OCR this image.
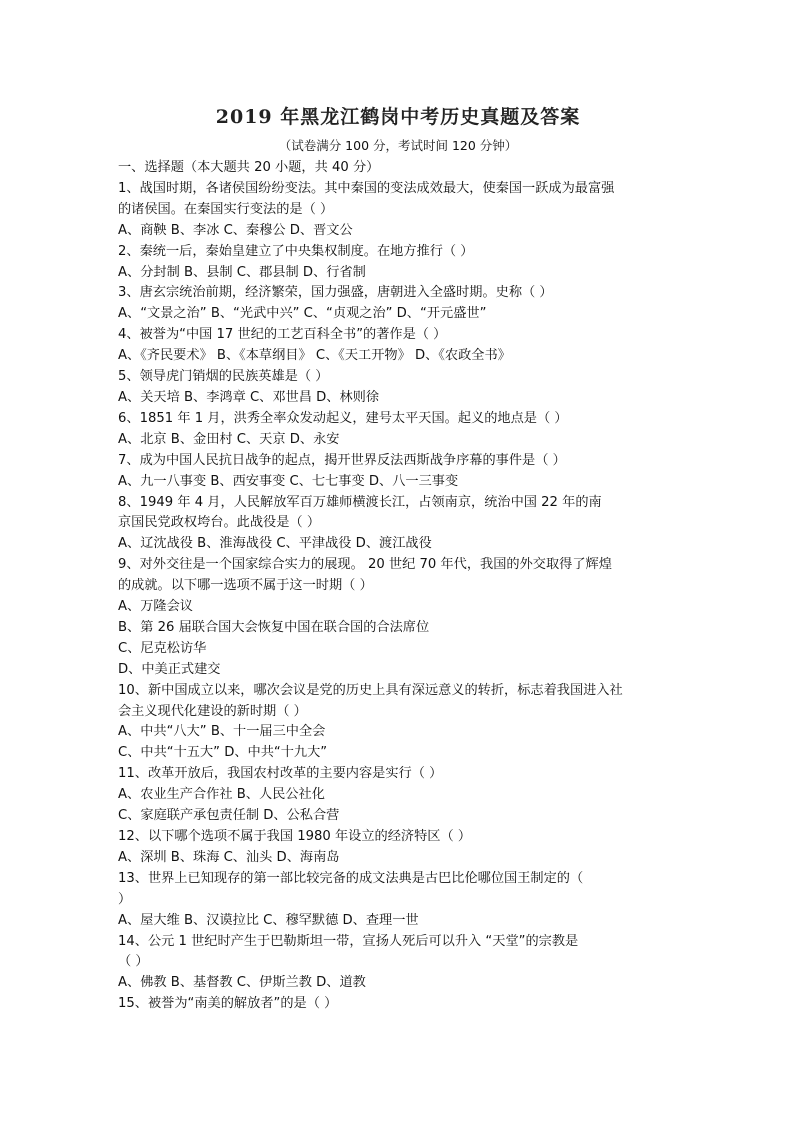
2019 年黑龙江鹤岗中考历史真题及答案

（试卷满分 100 分，考试时间 120 分钟）

一、选择题（本大题共 20 小题，共 40 分）

1、战国时期，各诸侯国纷纷变法。其中秦国的变法成效最大，使秦国一跃成为最富强

的诸侯国。在秦国实行变法的是（ ）

A、商鞅 B、李冰 C、秦穆公 D、晋文公

2、秦统一后，秦始皇建立了中央集权制度。在地方推行（ ）

A、分封制 B、县制 C、郡县制 D、行省制

3、唐玄宗统治前期，经济繁荣，国力强盛，唐朝进入全盛时期。史称（ ）

A、“文景之治” B、“光武中兴” C、“贞观之治” D、“开元盛世”

4、被誉为“中国 17 世纪的工艺百科全书”的著作是（ ）

A、《齐民要术》 B、《本草纲目》 C、《天工开物》 D、《农政全书》

5、领导虎门销烟的民族英雄是（ ）

A、关天培 B、李鸿章 C、邓世昌 D、林则徐

6、1851 年 1 月，洪秀全率众发动起义，建号太平天国。起义的地点是（ ）

A、北京 B、金田村 C、天京 D、永安

7、成为中国人民抗日战争的起点，揭开世界反法西斯战争序幕的事件是（ ）

A、九一八事变 B、西安事变 C、七七事变 D、八一三事变

8、1949 年 4 月，人民解放军百万雄师横渡长江，占领南京，统治中国 22 年的南

京国民党政权垮台。此战役是（ ）

A、辽沈战役 B、淮海战役 C、平津战役 D、渡江战役

9、对外交往是一个国家综合实力的展现。 20 世纪 70 年代，我国的外交取得了辉煌

的成就。以下哪一选项不属于这一时期（ ）

A、万隆会议

B、第 26 届联合国大会恢复中国在联合国的合法席位

C、尼克松访华

D、中美正式建交

10、新中国成立以来，哪次会议是党的历史上具有深远意义的转折，标志着我国进入社

会主义现代化建设的新时期（ ）

A、中共“八大” B、十一届三中全会

C、中共“十五大” D、中共“十九大”

11、改革开放后，我国农村改革的主要内容是实行（ ）

A、农业生产合作社 B、人民公社化

C、家庭联产承包责任制 D、公私合营

12、以下哪个选项不属于我国 1980 年设立的经济特区（ ）

A、深圳 B、珠海 C、汕头 D、海南岛

13、世界上已知现存的第一部比较完备的成文法典是古巴比伦哪位国王制定的（

）

A、屋大维 B、汉谟拉比 C、穆罕默德 D、查理一世

14、公元 1 世纪时产生于巴勒斯坦一带，宣扬人死后可以升入 “天堂”的宗教是

（ ）

A、佛教 B、基督教 C、伊斯兰教 D、道教

15、被誉为“南美的解放者”的是（ ）
